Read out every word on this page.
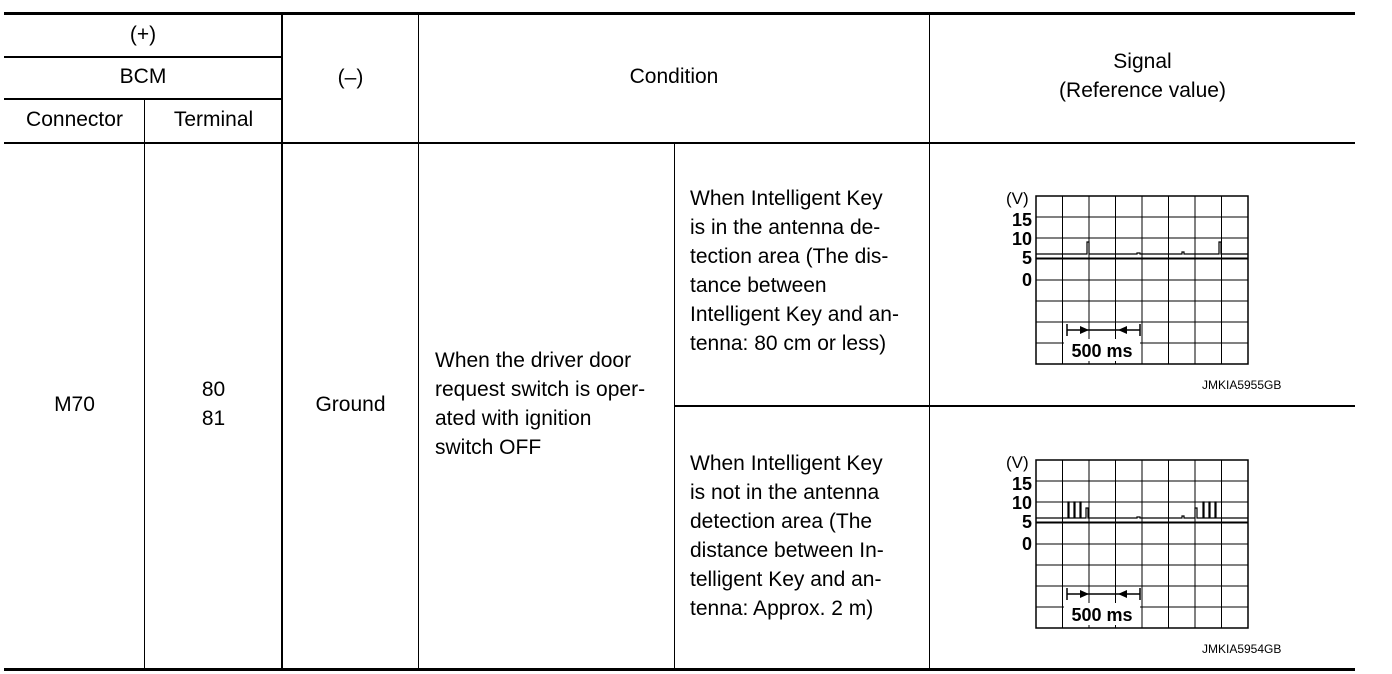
(+)
BCM
Connector	Terminal
(–)	Condition
Signal
(Reference value)
M70
80
81
Ground
When the driver door
request switch is oper-
ated with ignition
switch OFF
When Intelligent Key
is in the antenna de-
tection area (The dis-
tance between
Intelligent Key and an-
tenna: 80 cm or less)
When Intelligent Key
is not in the antenna
detection area (The
distance between In-
telligent Key and an-
tenna: Approx. 2 m)
(V)
15
10
5
0
500 ms
JMKIA5955GB
(V)
15
10
5
0
500 ms
JMKIA5954GB
